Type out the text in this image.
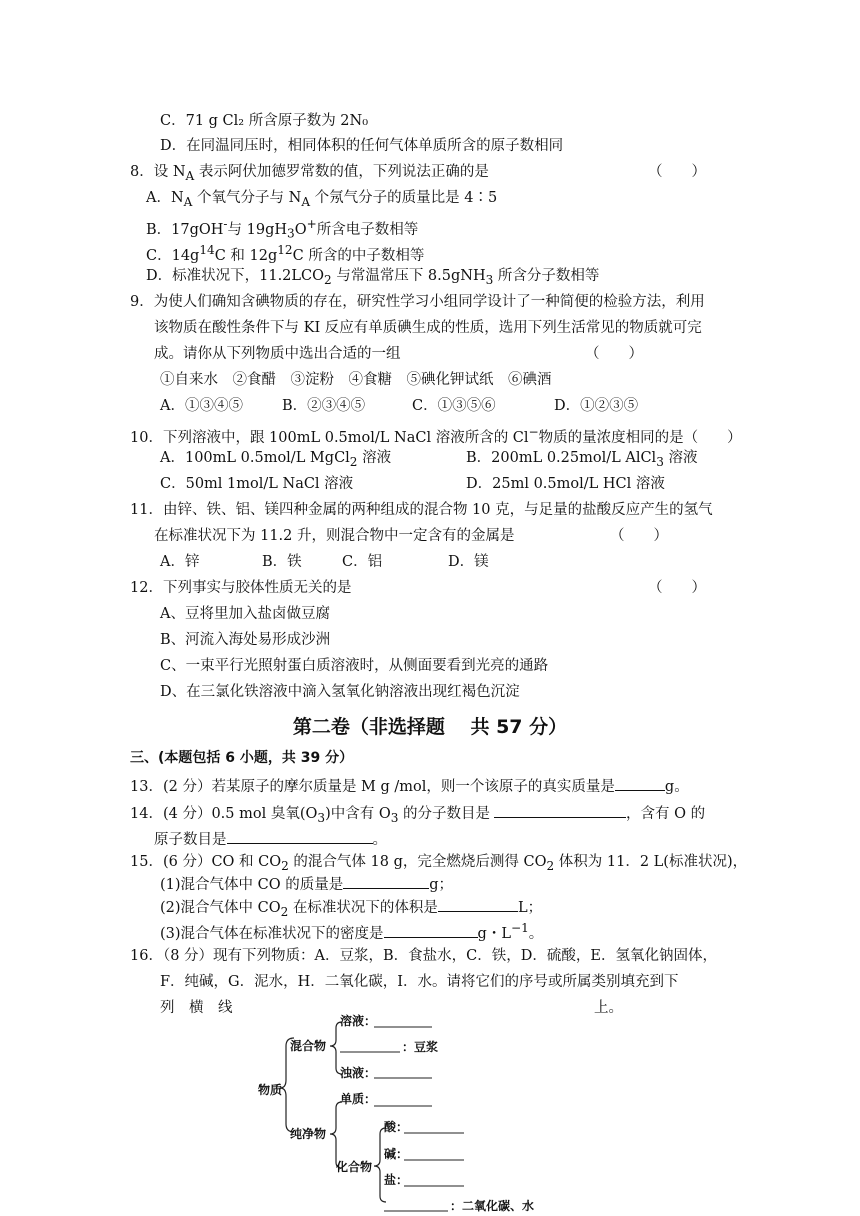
C．71 g Cl₂ 所含原子数为 2N₀
D．在同温同压时，相同体积的任何气体单质所含的原子数相同
8．设 $N_A$ 表示阿伏加德罗常数的值，下列说法正确的是	（　　）
A．$N_A$ 个氧气分子与 $N_A$ 个氖气分子的质量比是 4∶5
B．17gOH-与 $19gH_3O^+$所含电子数相等
C．$14g^{14}C$ 和 $12g^{12}C$ 所含的中子数相等
D．标准状况下，$11.2LCO_2$ 与常温常压下 8.5gNH$_3$ 所含分子数相等
9．为使人们确知含碘物质的存在，研究性学习小组同学设计了一种简便的检验方法，利用
该物质在酸性条件下与 KI 反应有单质碘生成的性质，选用下列生活常见的物质就可完
成。请你从下列物质中选出合适的一组	（　　）
①自来水　②食醋　③淀粉　④食糖　⑤碘化钾试纸　⑥碘酒
A．①③④⑤	B．②③④⑤	C．①③⑤⑥	D．①②③⑤
10．下列溶液中，跟 100mL 0.5mol/L NaCl 溶液所含的 Cl−物质的量浓度相同的是（　　）
A．100mL 0.5mol/L MgCl$_2$ 溶液	B．200mL 0.25mol/L AlCl$_3$ 溶液
C．50ml 1mol/L NaCl 溶液	D．25ml 0.5mol/L HCl 溶液
11．由锌、铁、铝、镁四种金属的两种组成的混合物 10 克，与足量的盐酸反应产生的氢气
在标准状况下为 11.2 升，则混合物中一定含有的金属是	（　　）
A．锌	B．铁	C．铝	D．镁
12．下列事实与胶体性质无关的是	（　　）
A、豆将里加入盐卤做豆腐
B、河流入海处易形成沙洲
C、一束平行光照射蛋白质溶液时，从侧面要看到光亮的通路
D、在三氯化铁溶液中滴入氢氧化钠溶液出现红褐色沉淀
第二卷（非选择题　 共 57 分）
三、(本题包括 6 小题，共 39 分）
13．(2 分）若某原子的摩尔质量是 M g /mol，则一个该原子的真实质量是	g。
14．(4 分）0.5 mol 臭氧$(O_3)$中含有 $O_3$ 的分子数目是	，含有 O 的
原子数目是	。
15．(6 分）CO 和 $CO_2$ 的混合气体 18 g，完全燃烧后测得 $CO_2$ 体积为 11．2 L(标准状况)，
(1)混合气体中 CO 的质量是	g；
(2)混合气体中 $CO_2$ 在标准状况下的体积是	L；
(3)混合气体在标准状况下的密度是	g・$L^{-1}$。
16．（8 分）现有下列物质：A．豆浆，B．食盐水，C．铁，D．硫酸，E．氢氧化钠固体，
F．纯碱，G．泥水，H．二氧化碳，I．水。请将它们的序号或所属类别填充到下
列　横　线	上。
物质
混合物
纯净物
溶液：
：豆浆
浊液：
单质：
化合物
酸：
碱：
盐：
：二氧化碳、水
